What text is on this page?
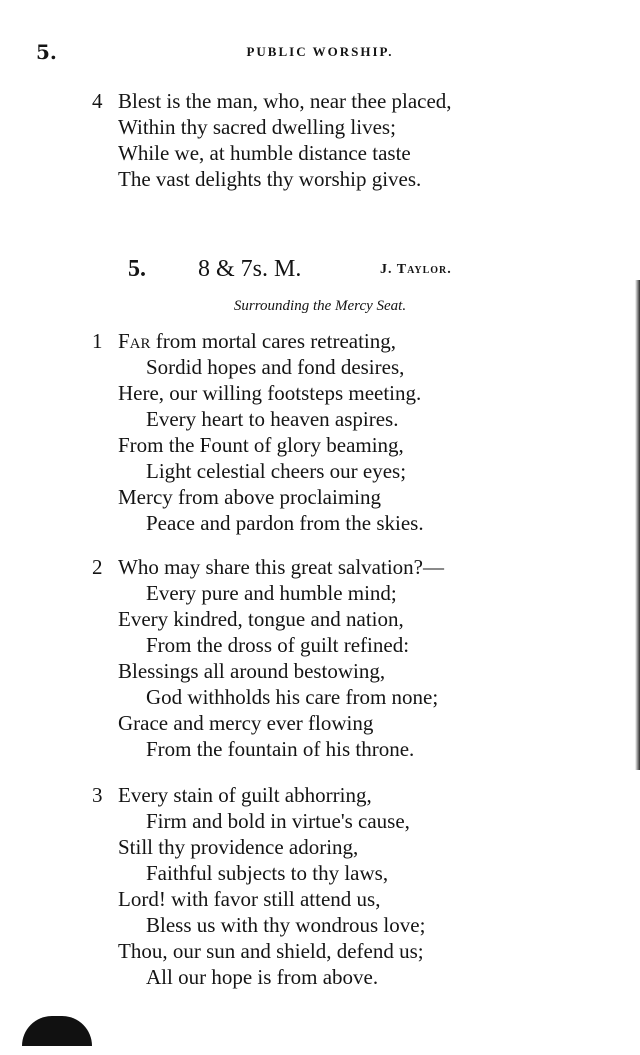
5.	PUBLIC WORSHIP.
4 Blest is the man, who, near thee placed,
Within thy sacred dwelling lives;
While we, at humble distance taste
The vast delights thy worship gives.
5. 8 & 7s. M.	J. Taylor.
Surrounding the Mercy Seat.
1 Far from mortal cares retreating,
Sordid hopes and fond desires,
Here, our willing footsteps meeting.
Every heart to heaven aspires.
From the Fount of glory beaming,
Light celestial cheers our eyes;
Mercy from above proclaiming
Peace and pardon from the skies.
2 Who may share this great salvation?—
Every pure and humble mind;
Every kindred, tongue and nation,
From the dross of guilt refined:
Blessings all around bestowing,
God withholds his care from none;
Grace and mercy ever flowing
From the fountain of his throne.
3 Every stain of guilt abhorring,
Firm and bold in virtue's cause,
Still thy providence adoring,
Faithful subjects to thy laws,
Lord! with favor still attend us,
Bless us with thy wondrous love;
Thou, our sun and shield, defend us;
All our hope is from above.
